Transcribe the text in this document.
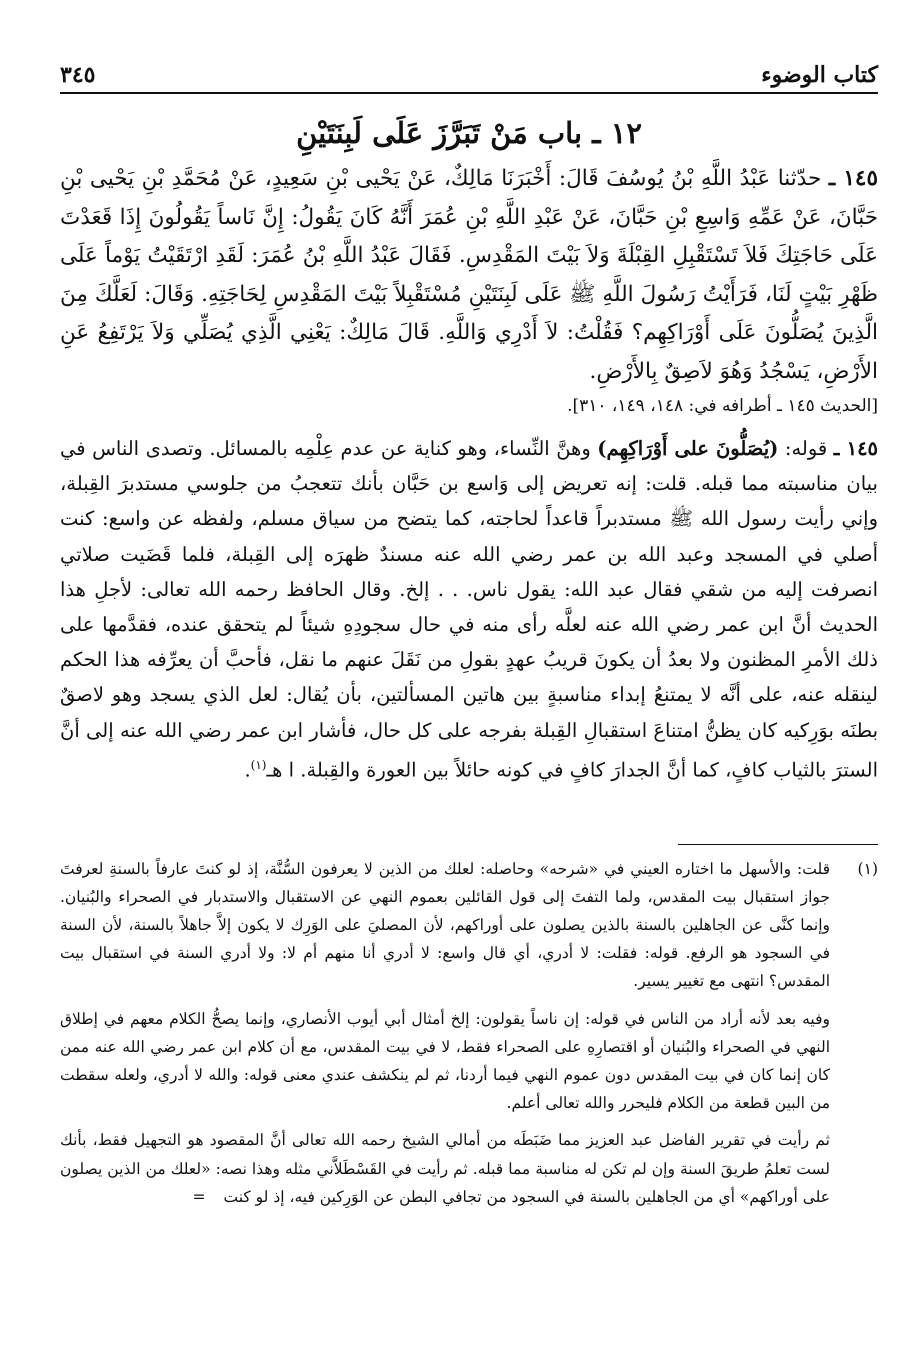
كتاب الوضوء
٣٤٥
١٢ ـ باب مَنْ تَبَرَّزَ عَلَى لَبِنَتَيْنِ

١٤٥ ـ حدّثنا عَبْدُ اللَّهِ بْنُ يُوسُفَ قَالَ: أَخْبَرَنَا مَالِكٌ، عَنْ يَحْيى بْنِ سَعِيدٍ، عَنْ مُحَمَّدِ بْنِ يَحْيى بْنِ حَبَّانَ، عَنْ عَمِّهِ وَاسِعِ بْنِ حَبَّانَ، عَنْ عَبْدِ اللَّهِ بْنِ عُمَرَ أَنَّهُ كَانَ يَقُولُ: إِنَّ نَاساً يَقُولُونَ إِذَا قَعَدْتَ عَلَى حَاجَتِكَ فَلاَ تَسْتَقْبِلِ القِبْلَةَ وَلاَ بَيْتَ المَقْدِسِ. فَقَالَ عَبْدُ اللَّهِ بْنُ عُمَرَ: لَقَدِ ارْتَقَيْتُ يَوْماً عَلَى ظَهْرِ بَيْتٍ لَنَا، فَرَأَيْتُ رَسُولَ اللَّهِ ﷺ عَلَى لَبِنَتَيْنِ مُسْتَقْبِلاً بَيْتَ المَقْدِسِ لِحَاجَتِهِ. وَقَالَ: لَعَلَّكَ مِنَ الَّذِينَ يُصَلُّونَ عَلَى أَوْرَاكِهِم؟ فَقُلْتُ: لاَ أَدْرِي وَاللَّهِ. قَالَ مَالِكٌ: يَعْنِي الَّذِي يُصَلِّي وَلاَ يَرْتَفِعُ عَنِ الأَرْضِ، يَسْجُدُ وَهُوَ لاَصِقٌ بِالأَرْضِ.

[الحديث ١٤٥ ـ أطرافه في: ١٤٨، ١٤٩، ٣١٠].

١٤٥ ـ قوله: (يُصَلُّونَ على أَوْرَاكِهِم) وهنَّ النِّساء، وهو كناية عن عدم عِلْمِه بالمسائل. وتصدى الناس في بيان مناسبته مما قبله. قلت: إنه تعريض إلى وَاسع بن حَبَّان بأنك تتعجبُ من جلوسي مستدبرَ القِبلة، وإني رأيت رسول الله ﷺ مستدبراً قاعداً لحاجته، كما يتضح من سياق مسلم، ولفظه عن واسع: كنت أصلي في المسجد وعبد الله بن عمر رضي الله عنه مسندٌ ظهرَه إلى القِبلة، فلما قَضَيت صلاتي انصرفت إليه من شقي فقال عبد الله: يقول ناس. . . إلخ. وقال الحافظ رحمه الله تعالى: لأجلِ هذا الحديث أنَّ ابن عمر رضي الله عنه لعلَّه رأى منه في حال سجودِهِ شيئاً لم يتحقق عنده، فقدَّمها على ذلك الأمرِ المظنون ولا بعدُ أن يكونَ قريبُ عهدٍ بقولِ من نَقَلَ عنهم ما نقل، فأحبَّ أن يعرِّفه هذا الحكم لينقله عنه، على أنَّه لا يمتنعُ إبداء مناسبةٍ بين هاتين المسألتين، بأن يُقال: لعل الذي يسجد وهو لاصقٌ بطنَه بوَرِكيه كان يظنُّ امتناعَ استقبالِ القِبلة بفرجه على كل حال، فأشار ابن عمر رضي الله عنه إلى أنَّ السترَ بالثياب كافٍ، كما أنَّ الجدارَ كافٍ في كونه حائلاً بين العورة والقِبلة. ا هـ$^{(١)}$.

(١)

قلت: والأسهل ما اختاره العيني في «شرحه» وحاصله: لعلك من الذين لا يعرفون السُّنَّة، إذ لو كنتَ عارفاً بالسنةِ لعرفتَ جواز استقبال بيت المقدس، ولما التفتَ إلى قول القائلين بعموم النهي عن الاستقبال والاستدبار في الصحراء والبُنيان. وإنما كنَّى عن الجاهلين بالسنة بالذين يصلون على أوراكهم، لأن المصليَ على الوَرِك لا يكون إلاَّ جاهلاً بالسنة، لأن السنة في السجود هو الرفع. قوله: فقلت: لا أدري، أي قال واسع: لا أدري أنا منهم أم لا: ولا أدري السنة في استقبال بيت المقدس؟ انتهى مع تغيير يسير.

وفيه بعد لأنه أراد من الناس في قوله: إن ناساً يقولون: إلخ أمثال أبي أيوب الأنصاري، وإنما يصحُّ الكلام معهم في إطلاق النهي في الصحراء والبُنيان أو اقتصارِهِ على الصحراء فقط، لا في بيت المقدس، مع أن كلام ابن عمر رضي الله عنه ممن كان إنما كان في بيت المقدس دون عموم النهي فيما أردنا، ثم لم ينكشف عندي معنى قوله: والله لا أدري، ولعله سقطت من البين قطعة من الكلام فليحرر والله تعالى أعلم.

ثم رأيت في تقرير الفاضل عبد العزيز مما ضَبَطَه من أمالي الشيخ رحمه الله تعالى أنَّ المقصود هو التجهيل فقط، بأنك لست تعلمُ طريقَ السنة وإن لم تكن له مناسبة مما قبله. ثم رأيت في القَسْطَلاَّني مثله وهذا نصه: «لعلك من الذين يصلون على أوراكهم» أي من الجاهلين بالسنة في السجود من تجافي البطن عن الوَرِكين فيه، إذ لو كنت=
